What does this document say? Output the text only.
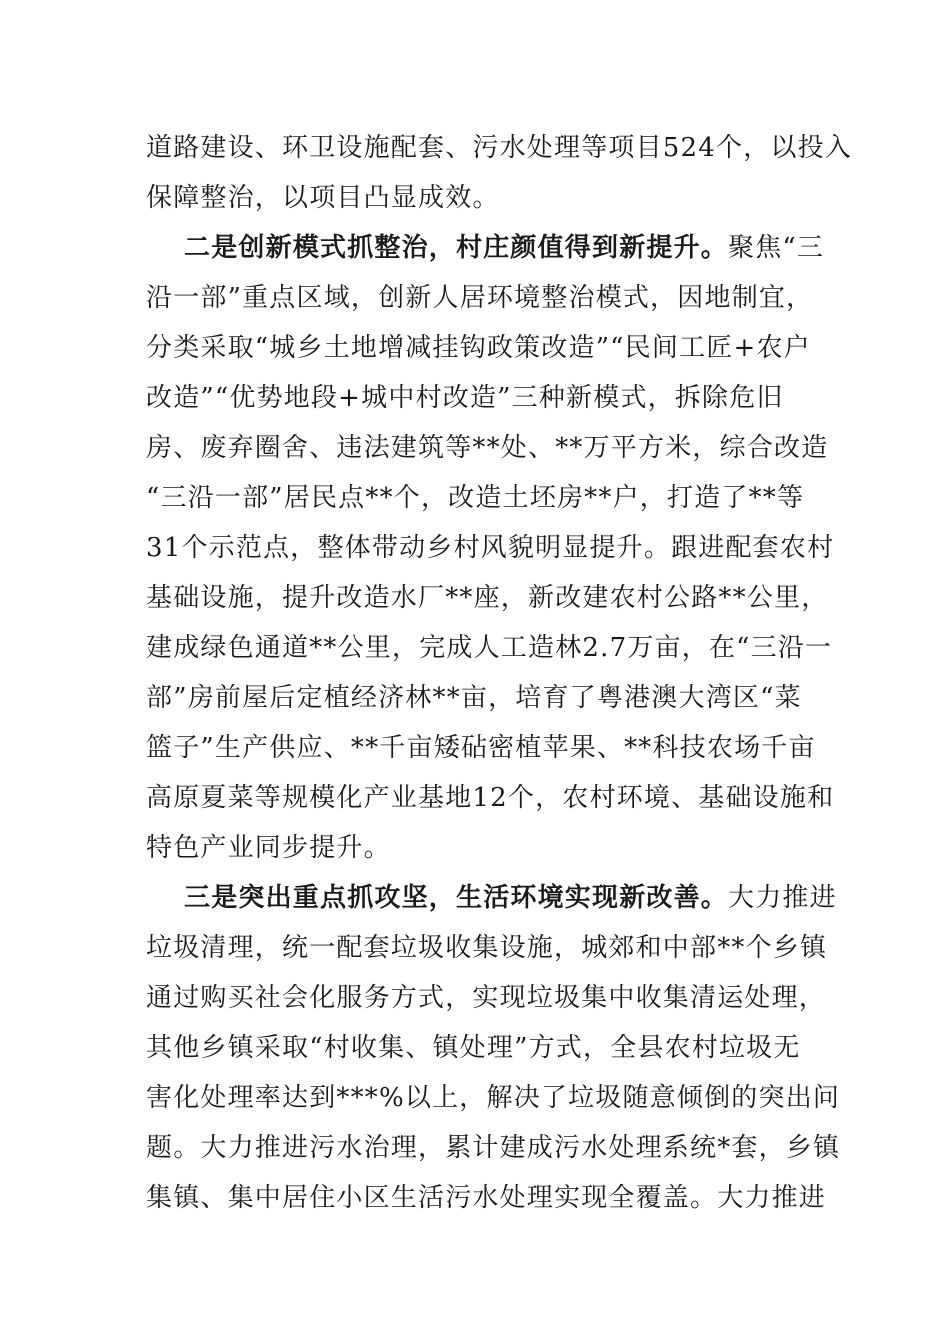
道路建设、环卫设施配套、污水处理等项目524个，以投入
保障整治，以项目凸显成效。
二是创新模式抓整治，村庄颜值得到新提升。聚焦“三
沿一部”重点区域，创新人居环境整治模式，因地制宜，
分类采取“城乡土地增减挂钩政策改造”“民间工匠+农户
改造”“优势地段+城中村改造”三种新模式，拆除危旧
房、废弃圈舍、违法建筑等**处、**万平方米，综合改造
“三沿一部”居民点**个，改造土坯房**户，打造了**等
31个示范点，整体带动乡村风貌明显提升。跟进配套农村
基础设施，提升改造水厂**座，新改建农村公路**公里，
建成绿色通道**公里，完成人工造林2.7万亩，在“三沿一
部”房前屋后定植经济林**亩，培育了粤港澳大湾区“菜
篮子”生产供应、**千亩矮砧密植苹果、**科技农场千亩
高原夏菜等规模化产业基地12个，农村环境、基础设施和
特色产业同步提升。
三是突出重点抓攻坚，生活环境实现新改善。大力推进
垃圾清理，统一配套垃圾收集设施，城郊和中部**个乡镇
通过购买社会化服务方式，实现垃圾集中收集清运处理，
其他乡镇采取“村收集、镇处理”方式，全县农村垃圾无
害化处理率达到***%以上，解决了垃圾随意倾倒的突出问
题。大力推进污水治理，累计建成污水处理系统*套，乡镇
集镇、集中居住小区生活污水处理实现全覆盖。大力推进
